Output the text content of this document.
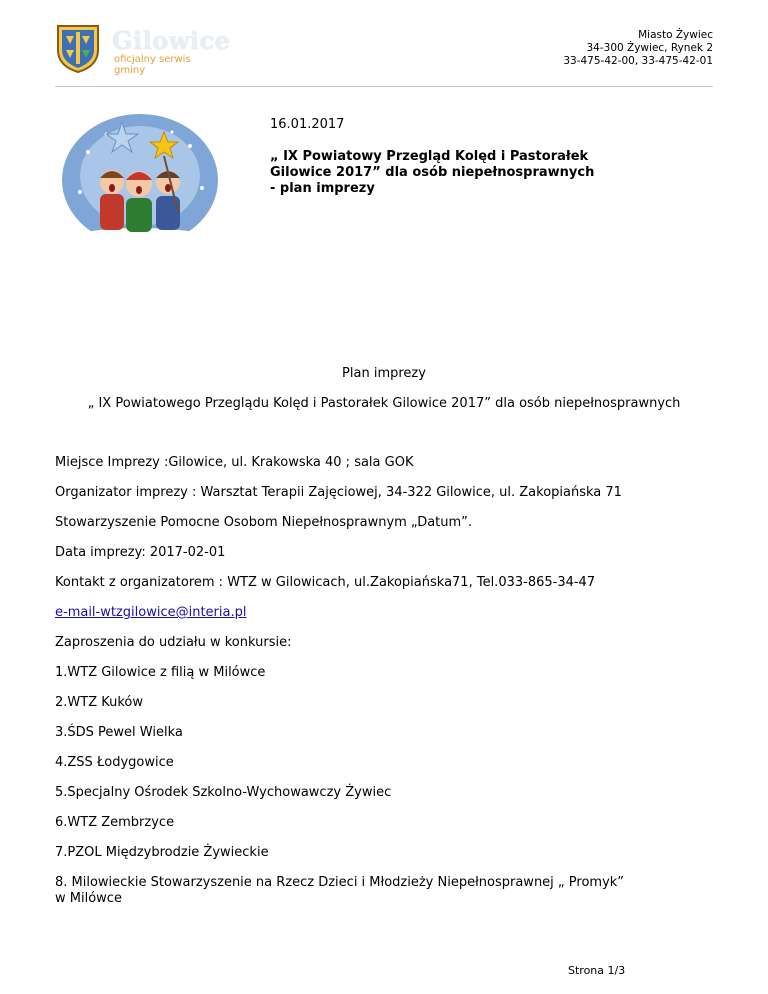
Gilowice
oficjalny serwis gminy
Miasto Żywiec
34-300 Żywiec, Rynek 2
33-475-42-00, 33-475-42-01
16.01.2017
„ IX Powiatowy Przegląd Kolęd i Pastorałek
Gilowice 2017” dla osób niepełnosprawnych
- plan imprezy
Plan imprezy
„ IX Powiatowego Przeglądu Kolęd i Pastorałek Gilowice 2017” dla osób niepełnosprawnych
Miejsce Imprezy :Gilowice, ul. Krakowska 40 ; sala GOK
Organizator imprezy : Warsztat Terapii Zajęciowej, 34-322 Gilowice, ul. Zakopiańska 71
Stowarzyszenie Pomocne Osobom Niepełnosprawnym „Datum”.
Data imprezy: 2017-02-01
Kontakt z organizatorem : WTZ w Gilowicach, ul.Zakopiańska71, Tel.033-865-34-47
e-mail-wtzgilowice@interia.pl
Zaproszenia do udziału w konkursie:
1.WTZ Gilowice z filią w Milówce
2.WTZ Kuków
3.ŚDS Pewel Wielka
4.ZSS Łodygowice
5.Specjalny Ośrodek Szkolno-Wychowawczy Żywiec
6.WTZ Zembrzyce
7.PZOL Międzybrodzie Żywieckie
8. Milowieckie Stowarzyszenie na Rzecz Dzieci i Młodzieży Niepełnosprawnej „ Promyk”
w Milówce
Strona 1/3
